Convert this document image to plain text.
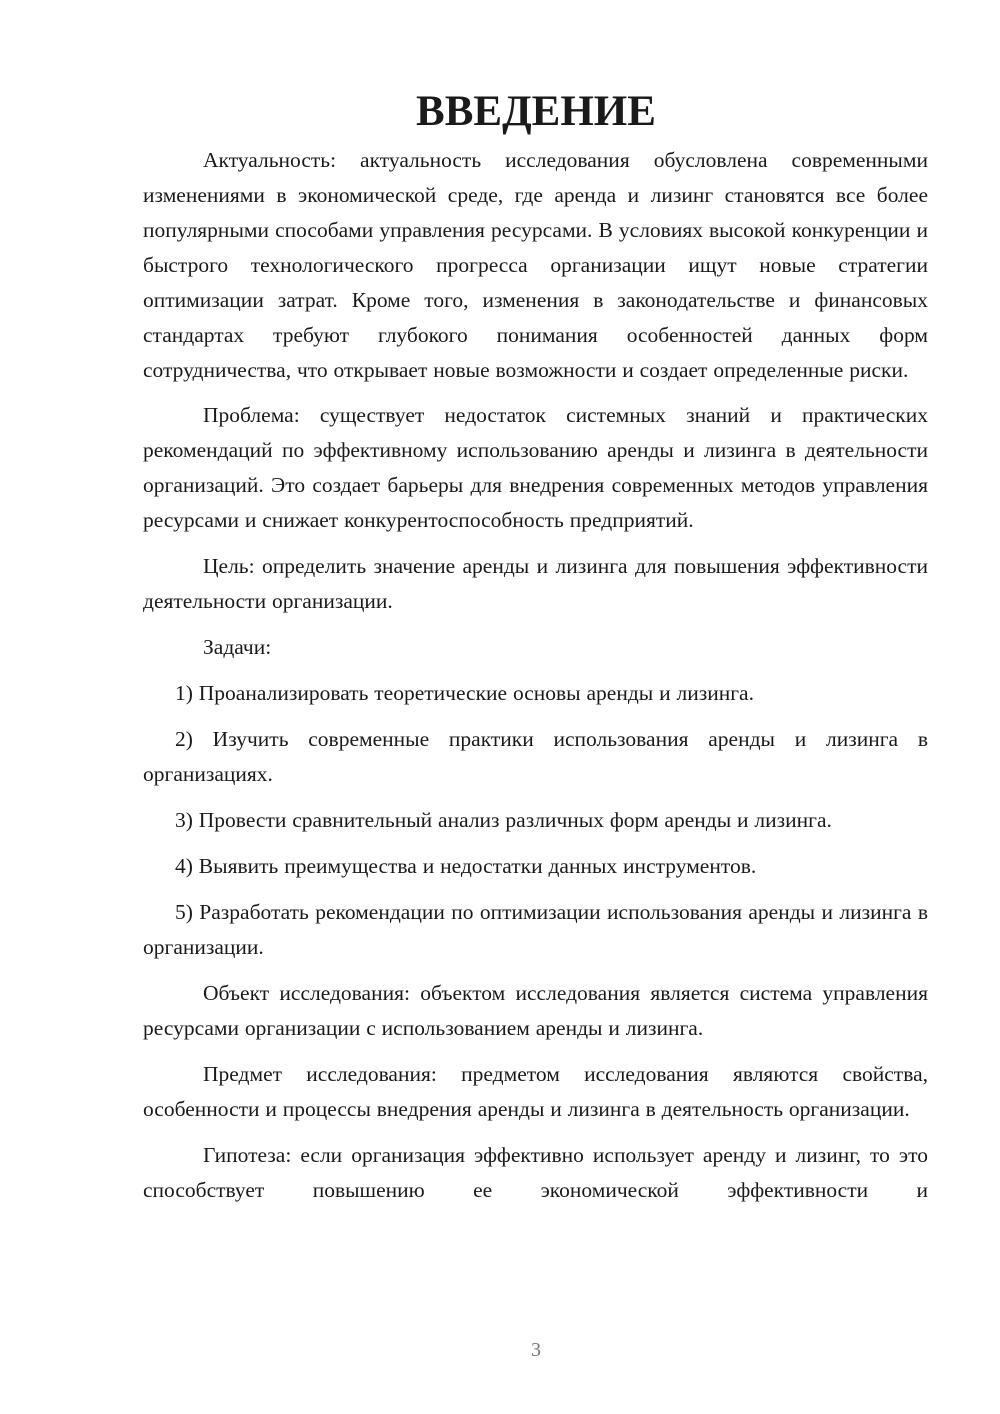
ВВЕДЕНИЕ

Актуальность: актуальность исследования обусловлена современными изменениями в экономической среде, где аренда и лизинг становятся все более популярными способами управления ресурсами. В условиях высокой конкуренции и быстрого технологического прогресса организации ищут новые стратегии оптимизации затрат. Кроме того, изменения в законодательстве и финансовых стандартах требуют глубокого понимания особенностей данных форм сотрудничества, что открывает новые возможности и создает определенные риски.

Проблема: существует недостаток системных знаний и практических рекомендаций по эффективному использованию аренды и лизинга в деятельности организаций. Это создает барьеры для внедрения современных методов управления ресурсами и снижает конкурентоспособность предприятий.

Цель: определить значение аренды и лизинга для повышения эффективности деятельности организации.

Задачи:

1) Проанализировать теоретические основы аренды и лизинга.

2) Изучить современные практики использования аренды и лизинга в организациях.

3) Провести сравнительный анализ различных форм аренды и лизинга.

4) Выявить преимущества и недостатки данных инструментов.

5) Разработать рекомендации по оптимизации использования аренды и лизинга в организации.

Объект исследования: объектом исследования является система управления ресурсами организации с использованием аренды и лизинга.

Предмет исследования: предметом исследования являются свойства, особенности и процессы внедрения аренды и лизинга в деятельность организации.

Гипотеза: если организация эффективно использует аренду и лизинг, то это способствует повышению ее экономической эффективности и

3
